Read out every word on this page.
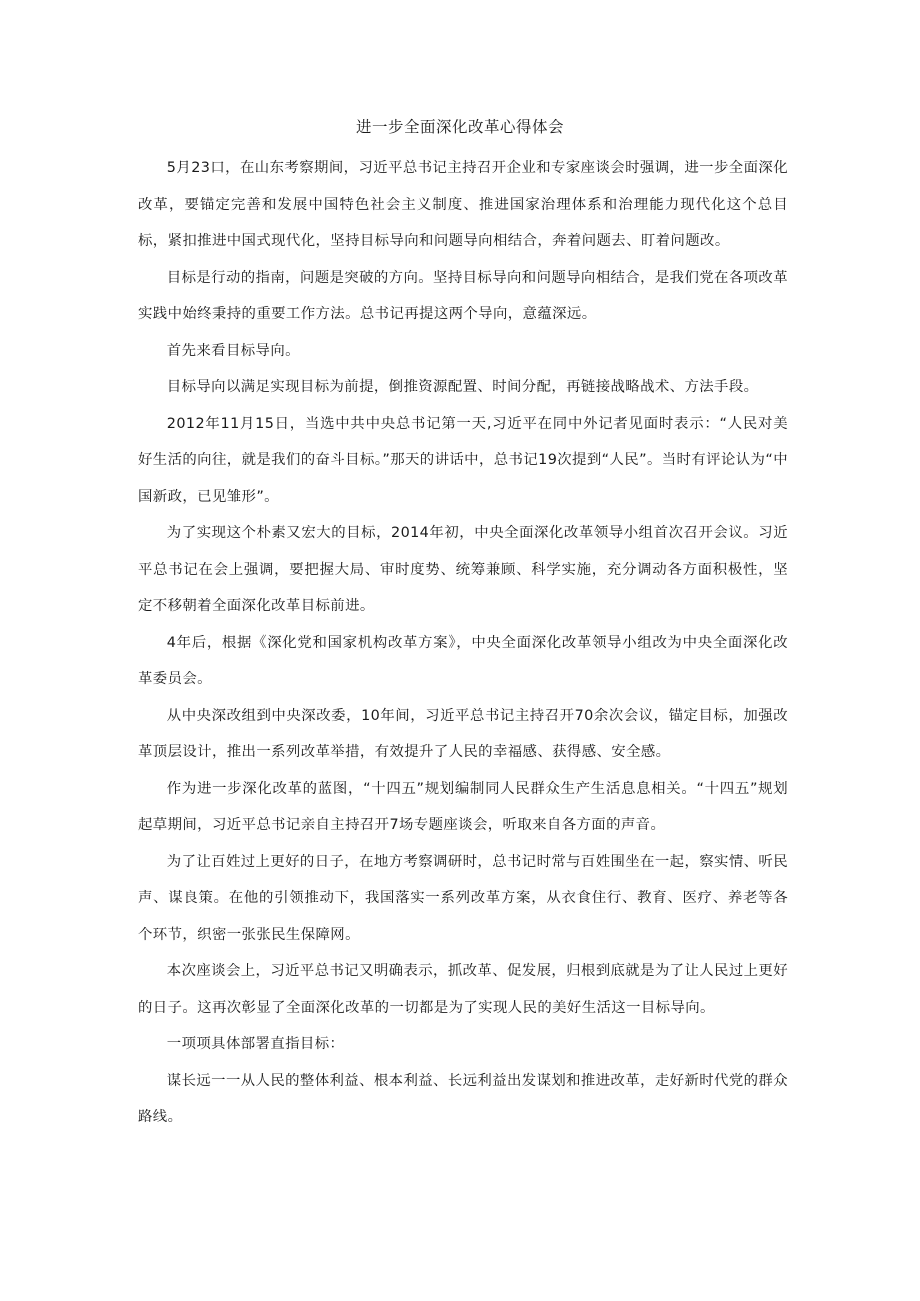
进一步全面深化改革心得体会

5月23口，在山东考察期间，习近平总书记主持召开企业和专家座谈会时强调，进一步全面深化改革，要锚定完善和发展中国特色社会主义制度、推进国家治理体系和治理能力现代化这个总目标，紧扣推进中国式现代化，坚持目标导向和问题导向相结合，奔着问题去、盯着问题改。

目标是行动的指南，问题是突破的方向。坚持目标导向和问题导向相结合，是我们党在各项改革实践中始终秉持的重要工作方法。总书记再提这两个导向，意蕴深远。

首先来看目标导向。

目标导向以满足实现目标为前提，倒推资源配置、时间分配，再链接战略战术、方法手段。

2012年11月15日，当选中共中央总书记第一天,习近平在同中外记者见面时表示：“人民对美好生活的向往，就是我们的奋斗目标。”那天的讲话中，总书记19次提到“人民”。当时有评论认为“中国新政，已见雏形”。

为了实现这个朴素又宏大的目标，2014年初，中央全面深化改革领导小组首次召开会议。习近平总书记在会上强调，要把握大局、审时度势、统筹兼顾、科学实施，充分调动各方面积极性，坚定不移朝着全面深化改革目标前进。

4年后，根据《深化党和国家机构改革方案》，中央全面深化改革领导小组改为中央全面深化改革委员会。

从中央深改组到中央深改委，10年间，习近平总书记主持召开70余次会议，锚定目标，加强改革顶层设计，推出一系列改革举措，有效提升了人民的幸福感、获得感、安全感。

作为进一步深化改革的蓝图，“十四五”规划编制同人民群众生产生活息息相关。“十四五”规划起草期间，习近平总书记亲自主持召开7场专题座谈会，听取来自各方面的声音。

为了让百姓过上更好的日子，在地方考察调研时，总书记时常与百姓围坐在一起，察实情、听民声、谋良策。在他的引领推动下，我国落实一系列改革方案，从衣食住行、教育、医疗、养老等各个环节，织密一张张民生保障网。

本次座谈会上，习近平总书记又明确表示，抓改革、促发展，归根到底就是为了让人民过上更好的日子。这再次彰显了全面深化改革的一切都是为了实现人民的美好生活这一目标导向。

一项项具体部署直指目标：

谋长远一一从人民的整体利益、根本利益、长远利益出发谋划和推进改革，走好新时代党的群众路线。
